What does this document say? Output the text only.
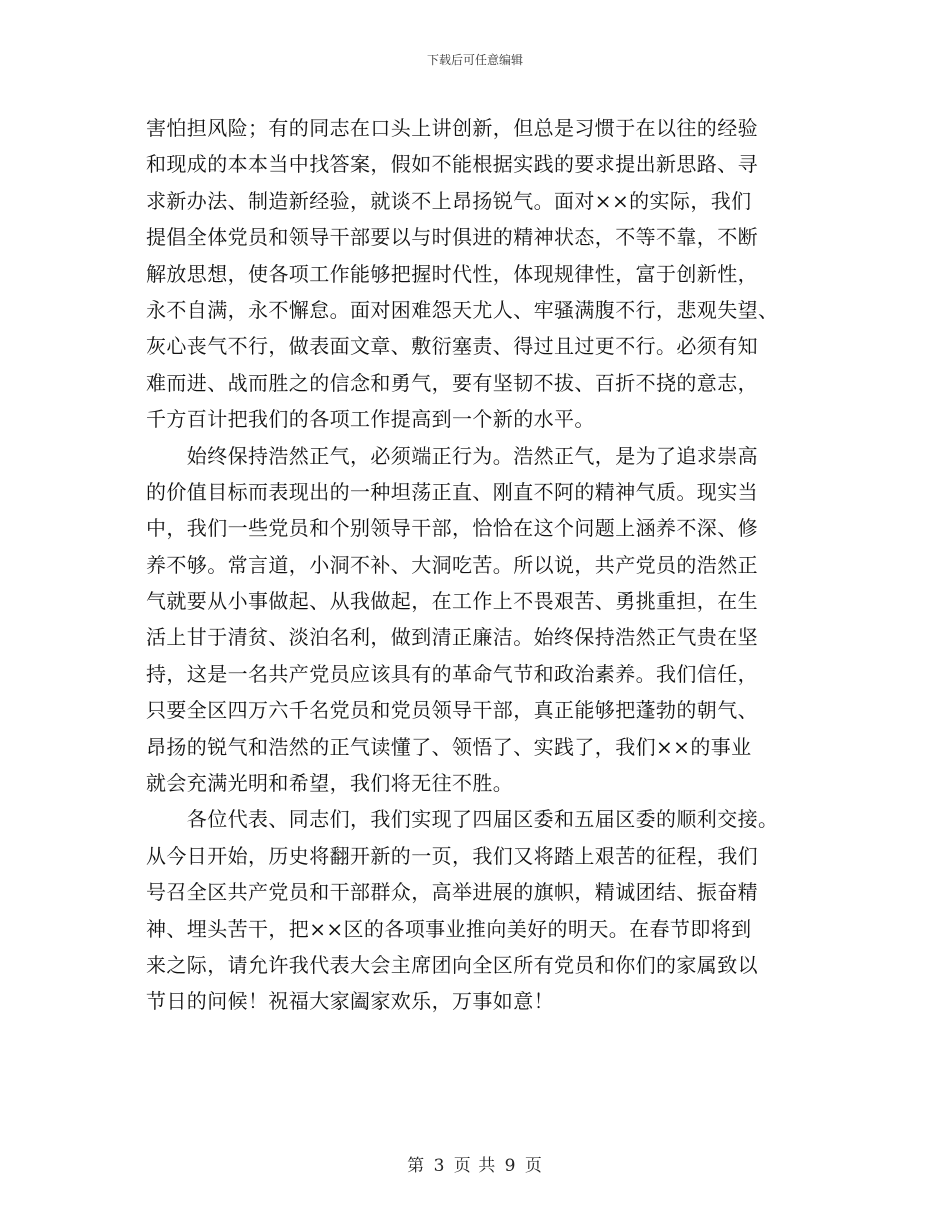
下载后可任意编辑
害怕担风险；有的同志在口头上讲创新，但总是习惯于在以往的经验
和现成的本本当中找答案，假如不能根据实践的要求提出新思路、寻
求新办法、制造新经验，就谈不上昂扬锐气。面对××的实际，我们
提倡全体党员和领导干部要以与时俱进的精神状态，不等不靠，不断
解放思想，使各项工作能够把握时代性，体现规律性，富于创新性，
永不自满，永不懈怠。面对困难怨天尤人、牢骚满腹不行，悲观失望、
灰心丧气不行，做表面文章、敷衍塞责、得过且过更不行。必须有知
难而进、战而胜之的信念和勇气，要有坚韧不拔、百折不挠的意志，
千方百计把我们的各项工作提高到一个新的水平。
　　始终保持浩然正气，必须端正行为。浩然正气，是为了追求崇高
的价值目标而表现出的一种坦荡正直、刚直不阿的精神气质。现实当
中，我们一些党员和个别领导干部，恰恰在这个问题上涵养不深、修
养不够。常言道，小洞不补、大洞吃苦。所以说，共产党员的浩然正
气就要从小事做起、从我做起，在工作上不畏艰苦、勇挑重担，在生
活上甘于清贫、淡泊名利，做到清正廉洁。始终保持浩然正气贵在坚
持，这是一名共产党员应该具有的革命气节和政治素养。我们信任，
只要全区四万六千名党员和党员领导干部，真正能够把蓬勃的朝气、
昂扬的锐气和浩然的正气读懂了、领悟了、实践了，我们××的事业
就会充满光明和希望，我们将无往不胜。
　　各位代表、同志们，我们实现了四届区委和五届区委的顺利交接。
从今日开始，历史将翻开新的一页，我们又将踏上艰苦的征程，我们
号召全区共产党员和干部群众，高举进展的旗帜，精诚团结、振奋精
神、埋头苦干，把××区的各项事业推向美好的明天。在春节即将到
来之际，请允许我代表大会主席团向全区所有党员和你们的家属致以
节日的问候！祝福大家阖家欢乐，万事如意！
第 3 页 共 9 页
